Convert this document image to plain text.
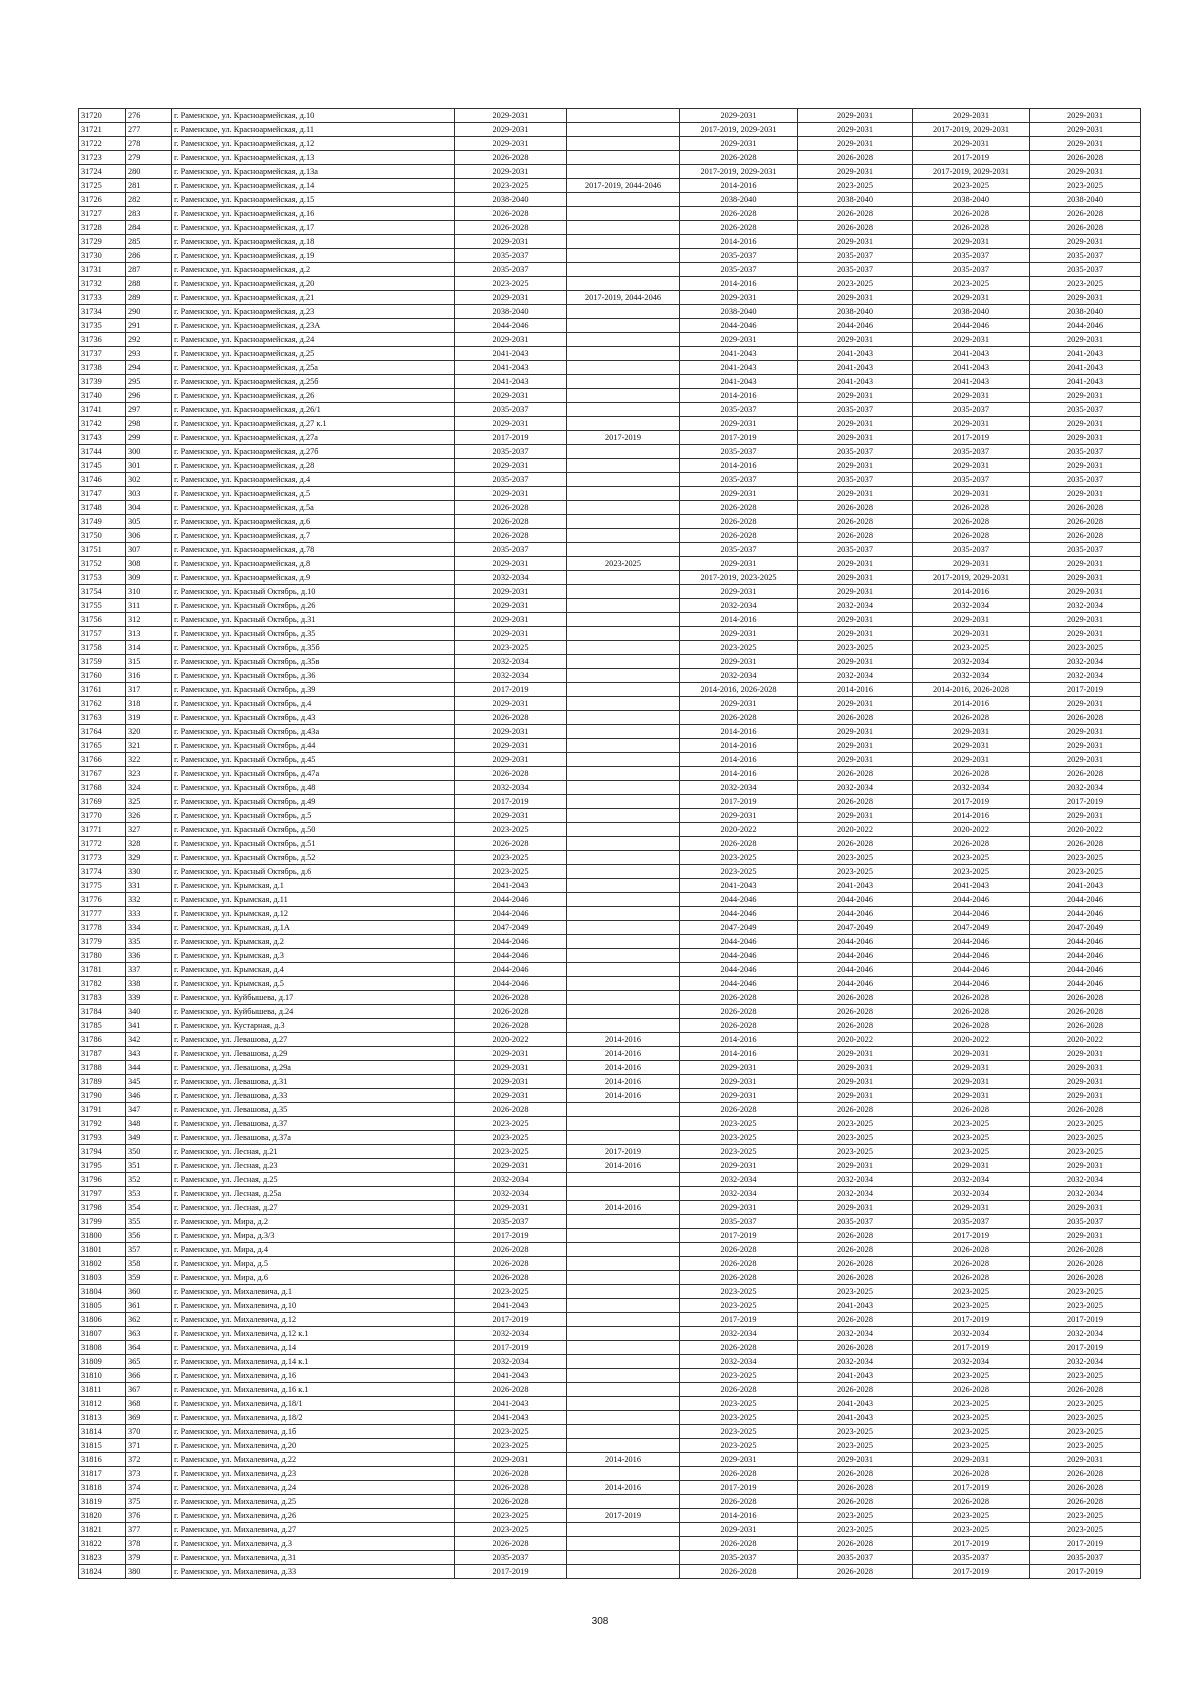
31720	276	г. Раменское, ул. Красноармейская, д.10	2029-2031		2029-2031	2029-2031	2029-2031	2029-2031
31721	277	г. Раменское, ул. Красноармейская, д.11	2029-2031		2017-2019, 2029-2031	2029-2031	2017-2019, 2029-2031	2029-2031
31722	278	г. Раменское, ул. Красноармейская, д.12	2029-2031		2029-2031	2029-2031	2029-2031	2029-2031
31723	279	г. Раменское, ул. Красноармейская, д.13	2026-2028		2026-2028	2026-2028	2017-2019	2026-2028
31724	280	г. Раменское, ул. Красноармейская, д.13а	2029-2031		2017-2019, 2029-2031	2029-2031	2017-2019, 2029-2031	2029-2031
31725	281	г. Раменское, ул. Красноармейская, д.14	2023-2025	2017-2019, 2044-2046	2014-2016	2023-2025	2023-2025	2023-2025
31726	282	г. Раменское, ул. Красноармейская, д.15	2038-2040		2038-2040	2038-2040	2038-2040	2038-2040
31727	283	г. Раменское, ул. Красноармейская, д.16	2026-2028		2026-2028	2026-2028	2026-2028	2026-2028
31728	284	г. Раменское, ул. Красноармейская, д.17	2026-2028		2026-2028	2026-2028	2026-2028	2026-2028
31729	285	г. Раменское, ул. Красноармейская, д.18	2029-2031		2014-2016	2029-2031	2029-2031	2029-2031
31730	286	г. Раменское, ул. Красноармейская, д.19	2035-2037		2035-2037	2035-2037	2035-2037	2035-2037
31731	287	г. Раменское, ул. Красноармейская, д.2	2035-2037		2035-2037	2035-2037	2035-2037	2035-2037
31732	288	г. Раменское, ул. Красноармейская, д.20	2023-2025		2014-2016	2023-2025	2023-2025	2023-2025
31733	289	г. Раменское, ул. Красноармейская, д.21	2029-2031	2017-2019, 2044-2046	2029-2031	2029-2031	2029-2031	2029-2031
31734	290	г. Раменское, ул. Красноармейская, д.23	2038-2040		2038-2040	2038-2040	2038-2040	2038-2040
31735	291	г. Раменское, ул. Красноармейская, д.23А	2044-2046		2044-2046	2044-2046	2044-2046	2044-2046
31736	292	г. Раменское, ул. Красноармейская, д.24	2029-2031		2029-2031	2029-2031	2029-2031	2029-2031
31737	293	г. Раменское, ул. Красноармейская, д.25	2041-2043		2041-2043	2041-2043	2041-2043	2041-2043
31738	294	г. Раменское, ул. Красноармейская, д.25а	2041-2043		2041-2043	2041-2043	2041-2043	2041-2043
31739	295	г. Раменское, ул. Красноармейская, д.25б	2041-2043		2041-2043	2041-2043	2041-2043	2041-2043
31740	296	г. Раменское, ул. Красноармейская, д.26	2029-2031		2014-2016	2029-2031	2029-2031	2029-2031
31741	297	г. Раменское, ул. Красноармейская, д.26/1	2035-2037		2035-2037	2035-2037	2035-2037	2035-2037
31742	298	г. Раменское, ул. Красноармейская, д.27 к.1	2029-2031		2029-2031	2029-2031	2029-2031	2029-2031
31743	299	г. Раменское, ул. Красноармейская, д.27а	2017-2019	2017-2019	2017-2019	2029-2031	2017-2019	2029-2031
31744	300	г. Раменское, ул. Красноармейская, д.27б	2035-2037		2035-2037	2035-2037	2035-2037	2035-2037
31745	301	г. Раменское, ул. Красноармейская, д.28	2029-2031		2014-2016	2029-2031	2029-2031	2029-2031
31746	302	г. Раменское, ул. Красноармейская, д.4	2035-2037		2035-2037	2035-2037	2035-2037	2035-2037
31747	303	г. Раменское, ул. Красноармейская, д.5	2029-2031		2029-2031	2029-2031	2029-2031	2029-2031
31748	304	г. Раменское, ул. Красноармейская, д.5а	2026-2028		2026-2028	2026-2028	2026-2028	2026-2028
31749	305	г. Раменское, ул. Красноармейская, д.6	2026-2028		2026-2028	2026-2028	2026-2028	2026-2028
31750	306	г. Раменское, ул. Красноармейская, д.7	2026-2028		2026-2028	2026-2028	2026-2028	2026-2028
31751	307	г. Раменское, ул. Красноармейская, д.78	2035-2037		2035-2037	2035-2037	2035-2037	2035-2037
31752	308	г. Раменское, ул. Красноармейская, д.8	2029-2031	2023-2025	2029-2031	2029-2031	2029-2031	2029-2031
31753	309	г. Раменское, ул. Красноармейская, д.9	2032-2034		2017-2019, 2023-2025	2029-2031	2017-2019, 2029-2031	2029-2031
31754	310	г. Раменское, ул. Красный Октябрь, д.10	2029-2031		2029-2031	2029-2031	2014-2016	2029-2031
31755	311	г. Раменское, ул. Красный Октябрь, д.26	2029-2031		2032-2034	2032-2034	2032-2034	2032-2034
31756	312	г. Раменское, ул. Красный Октябрь, д.31	2029-2031		2014-2016	2029-2031	2029-2031	2029-2031
31757	313	г. Раменское, ул. Красный Октябрь, д.35	2029-2031		2029-2031	2029-2031	2029-2031	2029-2031
31758	314	г. Раменское, ул. Красный Октябрь, д.35б	2023-2025		2023-2025	2023-2025	2023-2025	2023-2025
31759	315	г. Раменское, ул. Красный Октябрь, д.35в	2032-2034		2029-2031	2029-2031	2032-2034	2032-2034
31760	316	г. Раменское, ул. Красный Октябрь, д.36	2032-2034		2032-2034	2032-2034	2032-2034	2032-2034
31761	317	г. Раменское, ул. Красный Октябрь, д.39	2017-2019		2014-2016, 2026-2028	2014-2016	2014-2016, 2026-2028	2017-2019
31762	318	г. Раменское, ул. Красный Октябрь, д.4	2029-2031		2029-2031	2029-2031	2014-2016	2029-2031
31763	319	г. Раменское, ул. Красный Октябрь, д.43	2026-2028		2026-2028	2026-2028	2026-2028	2026-2028
31764	320	г. Раменское, ул. Красный Октябрь, д.43а	2029-2031		2014-2016	2029-2031	2029-2031	2029-2031
31765	321	г. Раменское, ул. Красный Октябрь, д.44	2029-2031		2014-2016	2029-2031	2029-2031	2029-2031
31766	322	г. Раменское, ул. Красный Октябрь, д.45	2029-2031		2014-2016	2029-2031	2029-2031	2029-2031
31767	323	г. Раменское, ул. Красный Октябрь, д.47а	2026-2028		2014-2016	2026-2028	2026-2028	2026-2028
31768	324	г. Раменское, ул. Красный Октябрь, д.48	2032-2034		2032-2034	2032-2034	2032-2034	2032-2034
31769	325	г. Раменское, ул. Красный Октябрь, д.49	2017-2019		2017-2019	2026-2028	2017-2019	2017-2019
31770	326	г. Раменское, ул. Красный Октябрь, д.5	2029-2031		2029-2031	2029-2031	2014-2016	2029-2031
31771	327	г. Раменское, ул. Красный Октябрь, д.50	2023-2025		2020-2022	2020-2022	2020-2022	2020-2022
31772	328	г. Раменское, ул. Красный Октябрь, д.51	2026-2028		2026-2028	2026-2028	2026-2028	2026-2028
31773	329	г. Раменское, ул. Красный Октябрь, д.52	2023-2025		2023-2025	2023-2025	2023-2025	2023-2025
31774	330	г. Раменское, ул. Красный Октябрь, д.6	2023-2025		2023-2025	2023-2025	2023-2025	2023-2025
31775	331	г. Раменское, ул. Крымская, д.1	2041-2043		2041-2043	2041-2043	2041-2043	2041-2043
31776	332	г. Раменское, ул. Крымская, д.11	2044-2046		2044-2046	2044-2046	2044-2046	2044-2046
31777	333	г. Раменское, ул. Крымская, д.12	2044-2046		2044-2046	2044-2046	2044-2046	2044-2046
31778	334	г. Раменское, ул. Крымская, д.1А	2047-2049		2047-2049	2047-2049	2047-2049	2047-2049
31779	335	г. Раменское, ул. Крымская, д.2	2044-2046		2044-2046	2044-2046	2044-2046	2044-2046
31780	336	г. Раменское, ул. Крымская, д.3	2044-2046		2044-2046	2044-2046	2044-2046	2044-2046
31781	337	г. Раменское, ул. Крымская, д.4	2044-2046		2044-2046	2044-2046	2044-2046	2044-2046
31782	338	г. Раменское, ул. Крымская, д.5	2044-2046		2044-2046	2044-2046	2044-2046	2044-2046
31783	339	г. Раменское, ул. Куйбышева, д.17	2026-2028		2026-2028	2026-2028	2026-2028	2026-2028
31784	340	г. Раменское, ул. Куйбышева, д.24	2026-2028		2026-2028	2026-2028	2026-2028	2026-2028
31785	341	г. Раменское, ул. Кустарная, д.3	2026-2028		2026-2028	2026-2028	2026-2028	2026-2028
31786	342	г. Раменское, ул. Левашова, д.27	2020-2022	2014-2016	2014-2016	2020-2022	2020-2022	2020-2022
31787	343	г. Раменское, ул. Левашова, д.29	2029-2031	2014-2016	2014-2016	2029-2031	2029-2031	2029-2031
31788	344	г. Раменское, ул. Левашова, д.29а	2029-2031	2014-2016	2029-2031	2029-2031	2029-2031	2029-2031
31789	345	г. Раменское, ул. Левашова, д.31	2029-2031	2014-2016	2029-2031	2029-2031	2029-2031	2029-2031
31790	346	г. Раменское, ул. Левашова, д.33	2029-2031	2014-2016	2029-2031	2029-2031	2029-2031	2029-2031
31791	347	г. Раменское, ул. Левашова, д.35	2026-2028		2026-2028	2026-2028	2026-2028	2026-2028
31792	348	г. Раменское, ул. Левашова, д.37	2023-2025		2023-2025	2023-2025	2023-2025	2023-2025
31793	349	г. Раменское, ул. Левашова, д.37а	2023-2025		2023-2025	2023-2025	2023-2025	2023-2025
31794	350	г. Раменское, ул. Лесная, д.21	2023-2025	2017-2019	2023-2025	2023-2025	2023-2025	2023-2025
31795	351	г. Раменское, ул. Лесная, д.23	2029-2031	2014-2016	2029-2031	2029-2031	2029-2031	2029-2031
31796	352	г. Раменское, ул. Лесная, д.25	2032-2034		2032-2034	2032-2034	2032-2034	2032-2034
31797	353	г. Раменское, ул. Лесная, д.25а	2032-2034		2032-2034	2032-2034	2032-2034	2032-2034
31798	354	г. Раменское, ул. Лесная, д.27	2029-2031	2014-2016	2029-2031	2029-2031	2029-2031	2029-2031
31799	355	г. Раменское, ул. Мира, д.2	2035-2037		2035-2037	2035-2037	2035-2037	2035-2037
31800	356	г. Раменское, ул. Мира, д.3/3	2017-2019		2017-2019	2026-2028	2017-2019	2029-2031
31801	357	г. Раменское, ул. Мира, д.4	2026-2028		2026-2028	2026-2028	2026-2028	2026-2028
31802	358	г. Раменское, ул. Мира, д.5	2026-2028		2026-2028	2026-2028	2026-2028	2026-2028
31803	359	г. Раменское, ул. Мира, д.6	2026-2028		2026-2028	2026-2028	2026-2028	2026-2028
31804	360	г. Раменское, ул. Михалевича, д.1	2023-2025		2023-2025	2023-2025	2023-2025	2023-2025
31805	361	г. Раменское, ул. Михалевича, д.10	2041-2043		2023-2025	2041-2043	2023-2025	2023-2025
31806	362	г. Раменское, ул. Михалевича, д.12	2017-2019		2017-2019	2026-2028	2017-2019	2017-2019
31807	363	г. Раменское, ул. Михалевича, д.12 к.1	2032-2034		2032-2034	2032-2034	2032-2034	2032-2034
31808	364	г. Раменское, ул. Михалевича, д.14	2017-2019		2026-2028	2026-2028	2017-2019	2017-2019
31809	365	г. Раменское, ул. Михалевича, д.14 к.1	2032-2034		2032-2034	2032-2034	2032-2034	2032-2034
31810	366	г. Раменское, ул. Михалевича, д.16	2041-2043		2023-2025	2041-2043	2023-2025	2023-2025
31811	367	г. Раменское, ул. Михалевича, д.16 к.1	2026-2028		2026-2028	2026-2028	2026-2028	2026-2028
31812	368	г. Раменское, ул. Михалевича, д.18/1	2041-2043		2023-2025	2041-2043	2023-2025	2023-2025
31813	369	г. Раменское, ул. Михалевича, д.18/2	2041-2043		2023-2025	2041-2043	2023-2025	2023-2025
31814	370	г. Раменское, ул. Михалевича, д.1б	2023-2025		2023-2025	2023-2025	2023-2025	2023-2025
31815	371	г. Раменское, ул. Михалевича, д.20	2023-2025		2023-2025	2023-2025	2023-2025	2023-2025
31816	372	г. Раменское, ул. Михалевича, д.22	2029-2031	2014-2016	2029-2031	2029-2031	2029-2031	2029-2031
31817	373	г. Раменское, ул. Михалевича, д.23	2026-2028		2026-2028	2026-2028	2026-2028	2026-2028
31818	374	г. Раменское, ул. Михалевича, д.24	2026-2028	2014-2016	2017-2019	2026-2028	2017-2019	2026-2028
31819	375	г. Раменское, ул. Михалевича, д.25	2026-2028		2026-2028	2026-2028	2026-2028	2026-2028
31820	376	г. Раменское, ул. Михалевича, д.26	2023-2025	2017-2019	2014-2016	2023-2025	2023-2025	2023-2025
31821	377	г. Раменское, ул. Михалевича, д.27	2023-2025		2029-2031	2023-2025	2023-2025	2023-2025
31822	378	г. Раменское, ул. Михалевича, д.3	2026-2028		2026-2028	2026-2028	2017-2019	2017-2019
31823	379	г. Раменское, ул. Михалевича, д.31	2035-2037		2035-2037	2035-2037	2035-2037	2035-2037
31824	380	г. Раменское, ул. Михалевича, д.33	2017-2019		2026-2028	2026-2028	2017-2019	2017-2019
308
